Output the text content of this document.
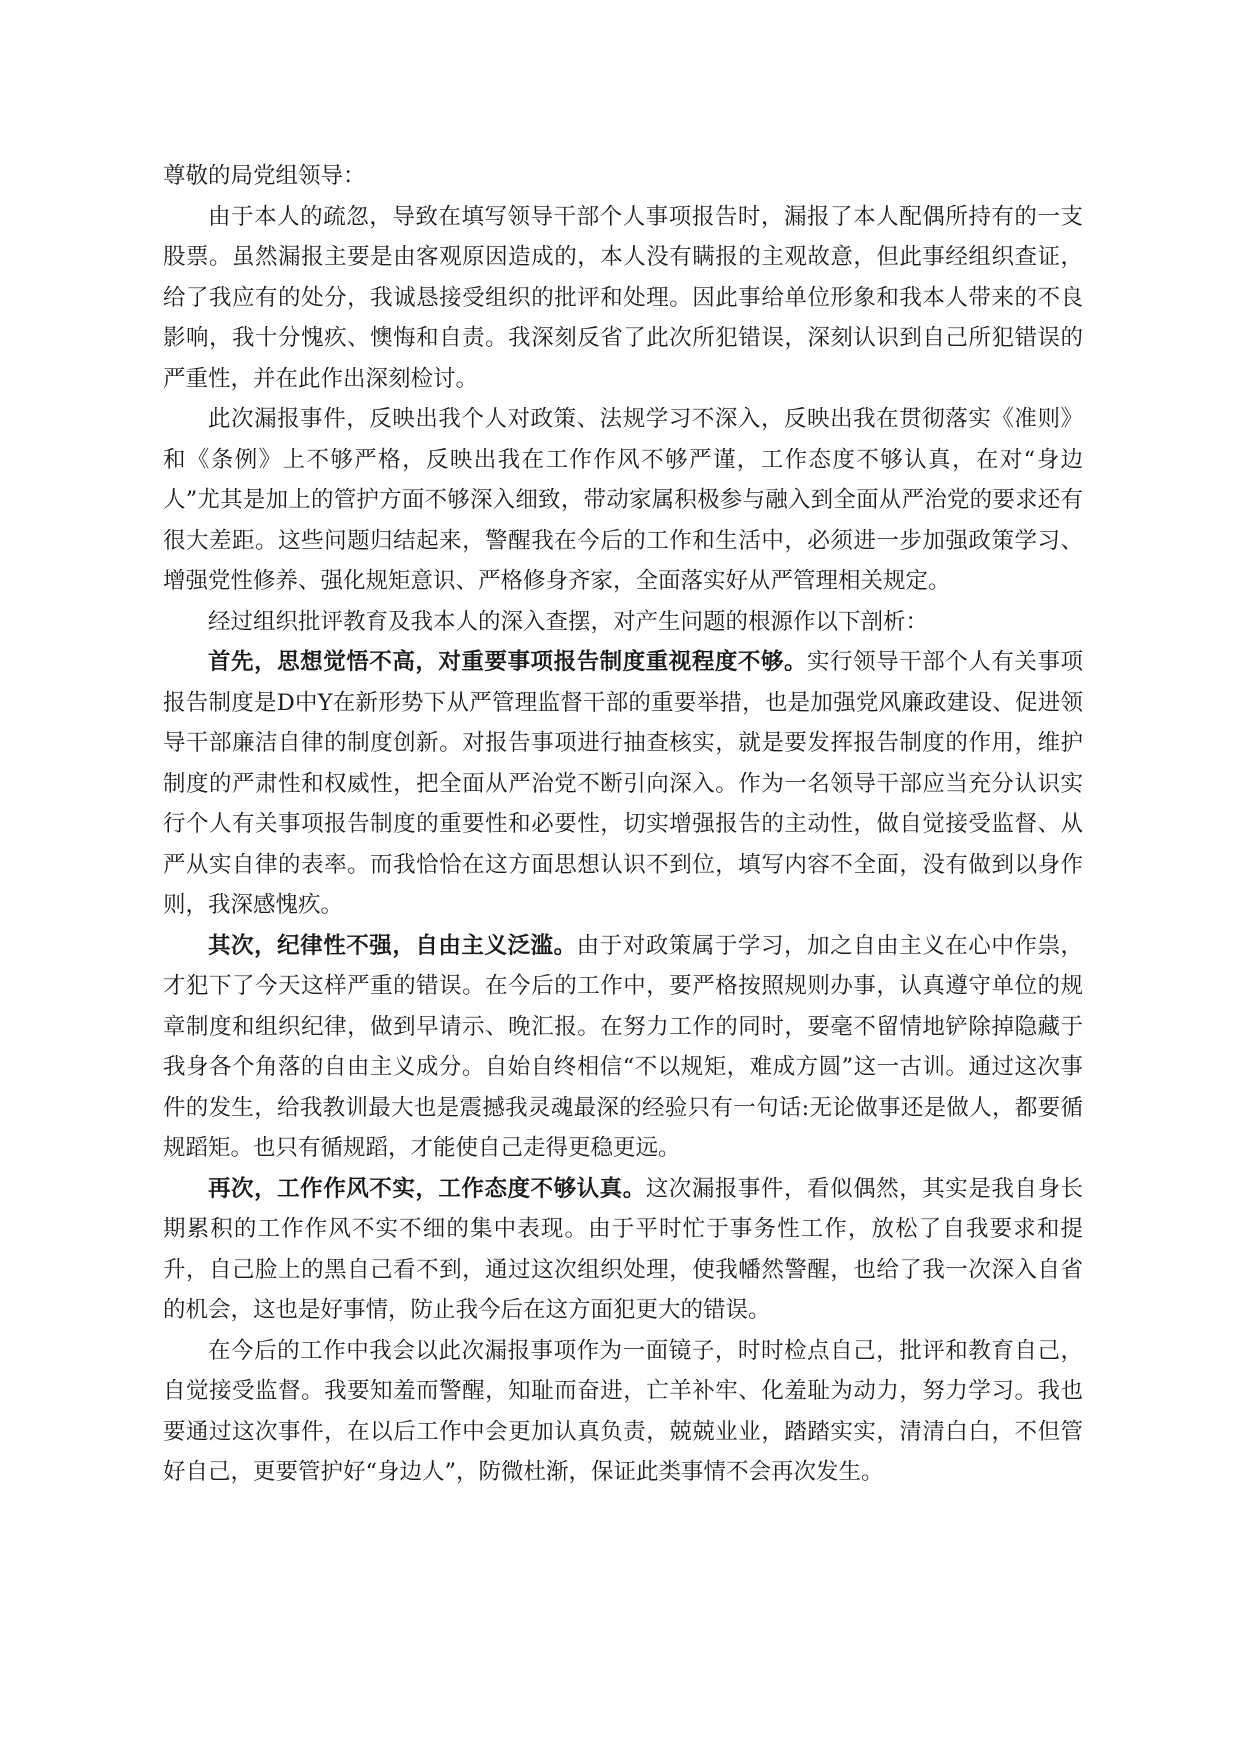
尊敬的局党组领导：

由于本人的疏忽，导致在填写领导干部个人事项报告时，漏报了本人配偶所持有的一支股票。虽然漏报主要是由客观原因造成的，本人没有瞒报的主观故意，但此事经组织查证，给了我应有的处分，我诚恳接受组织的批评和处理。因此事给单位形象和我本人带来的不良影响，我十分愧疚、懊悔和自责。我深刻反省了此次所犯错误，深刻认识到自己所犯错误的严重性，并在此作出深刻检讨。

此次漏报事件，反映出我个人对政策、法规学习不深入，反映出我在贯彻落实《准则》和《条例》上不够严格，反映出我在工作作风不够严谨，工作态度不够认真，在对“身边人”尤其是加上的管护方面不够深入细致，带动家属积极参与融入到全面从严治党的要求还有很大差距。这些问题归结起来，警醒我在今后的工作和生活中，必须进一步加强政策学习、增强党性修养、强化规矩意识、严格修身齐家，全面落实好从严管理相关规定。

经过组织批评教育及我本人的深入查摆，对产生问题的根源作以下剖析：

首先，思想觉悟不高，对重要事项报告制度重视程度不够。实行领导干部个人有关事项报告制度是D中Y在新形势下从严管理监督干部的重要举措，也是加强党风廉政建设、促进领导干部廉洁自律的制度创新。对报告事项进行抽查核实，就是要发挥报告制度的作用，维护制度的严肃性和权威性，把全面从严治党不断引向深入。作为一名领导干部应当充分认识实行个人有关事项报告制度的重要性和必要性，切实增强报告的主动性，做自觉接受监督、从严从实自律的表率。而我恰恰在这方面思想认识不到位，填写内容不全面，没有做到以身作则，我深感愧疚。

其次，纪律性不强，自由主义泛滥。由于对政策属于学习，加之自由主义在心中作祟，才犯下了今天这样严重的错误。在今后的工作中，要严格按照规则办事，认真遵守单位的规章制度和组织纪律，做到早请示、晚汇报。在努力工作的同时，要毫不留情地铲除掉隐藏于我身各个角落的自由主义成分。自始自终相信“不以规矩，难成方圆”这一古训。通过这次事件的发生，给我教训最大也是震撼我灵魂最深的经验只有一句话:无论做事还是做人，都要循规蹈矩。也只有循规蹈，才能使自己走得更稳更远。

再次，工作作风不实，工作态度不够认真。这次漏报事件，看似偶然，其实是我自身长期累积的工作作风不实不细的集中表现。由于平时忙于事务性工作，放松了自我要求和提升，自己脸上的黑自己看不到，通过这次组织处理，使我幡然警醒，也给了我一次深入自省的机会，这也是好事情，防止我今后在这方面犯更大的错误。

在今后的工作中我会以此次漏报事项作为一面镜子，时时检点自己，批评和教育自己，自觉接受监督。我要知羞而警醒，知耻而奋进，亡羊补牢、化羞耻为动力，努力学习。我也要通过这次事件，在以后工作中会更加认真负责，兢兢业业，踏踏实实，清清白白，不但管好自己，更要管护好“身边人”，防微杜渐，保证此类事情不会再次发生。
